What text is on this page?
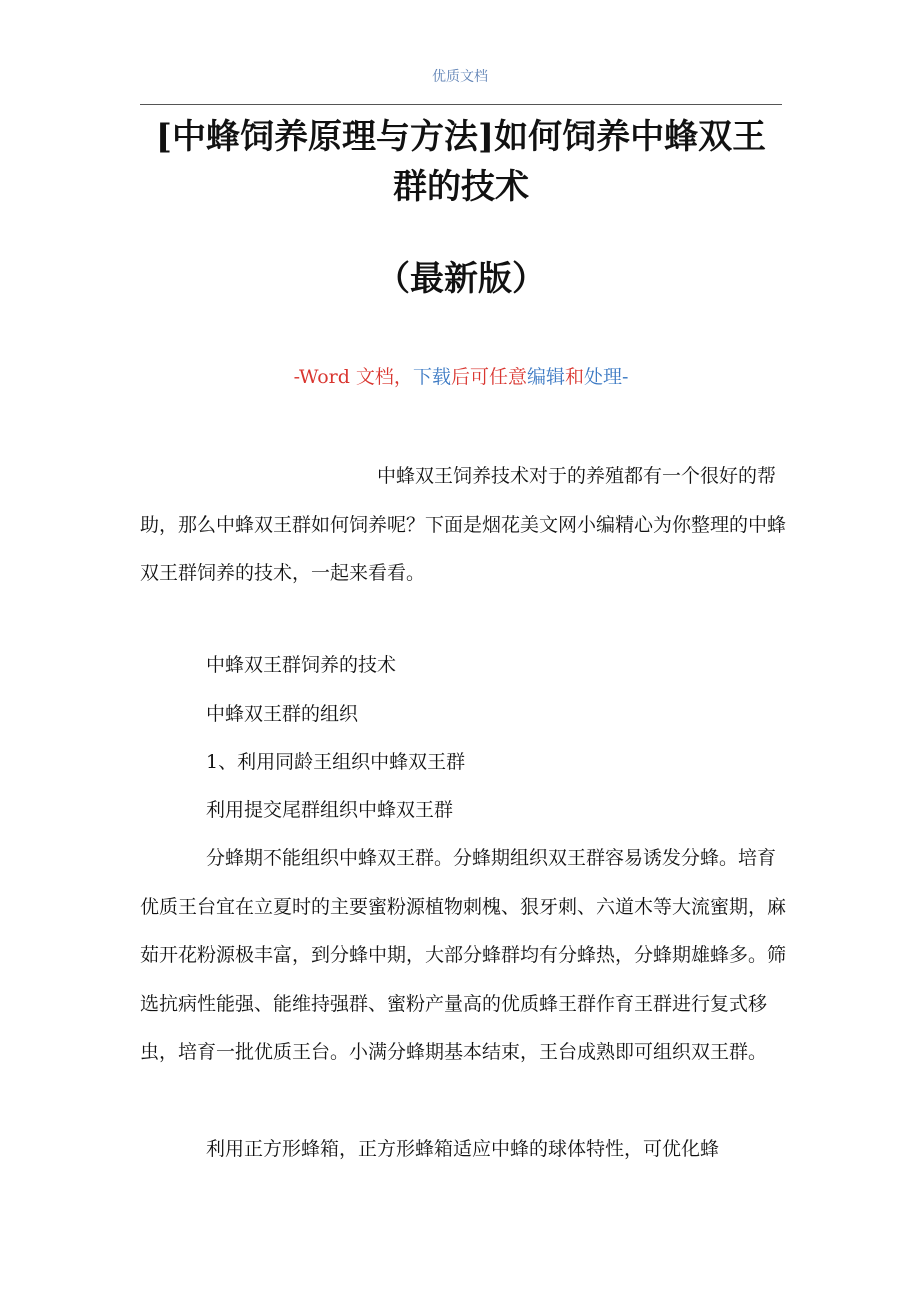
优质文档
[中蜂饲养原理与方法]如何饲养中蜂双王群的技术
（最新版）
-Word 文档，下载后可任意编辑和处理-

中蜂双王饲养技术对于的养殖都有一个很好的帮助，那么中蜂双王群如何饲养呢？下面是烟花美文网小编精心为你整理的中蜂双王群饲养的技术，一起来看看。

中蜂双王群饲养的技术

中蜂双王群的组织

1、利用同龄王组织中蜂双王群

利用提交尾群组织中蜂双王群

分蜂期不能组织中蜂双王群。分蜂期组织双王群容易诱发分蜂。培育优质王台宜在立夏时的主要蜜粉源植物刺槐、狠牙刺、六道木等大流蜜期，麻茹开花粉源极丰富，到分蜂中期，大部分蜂群均有分蜂热，分蜂期雄蜂多。筛选抗病性能强、能维持强群、蜜粉产量高的优质蜂王群作育王群进行复式移虫，培育一批优质王台。小满分蜂期基本结束，王台成熟即可组织双王群。

利用正方形蜂箱，正方形蜂箱适应中蜂的球体特性，可优化蜂
